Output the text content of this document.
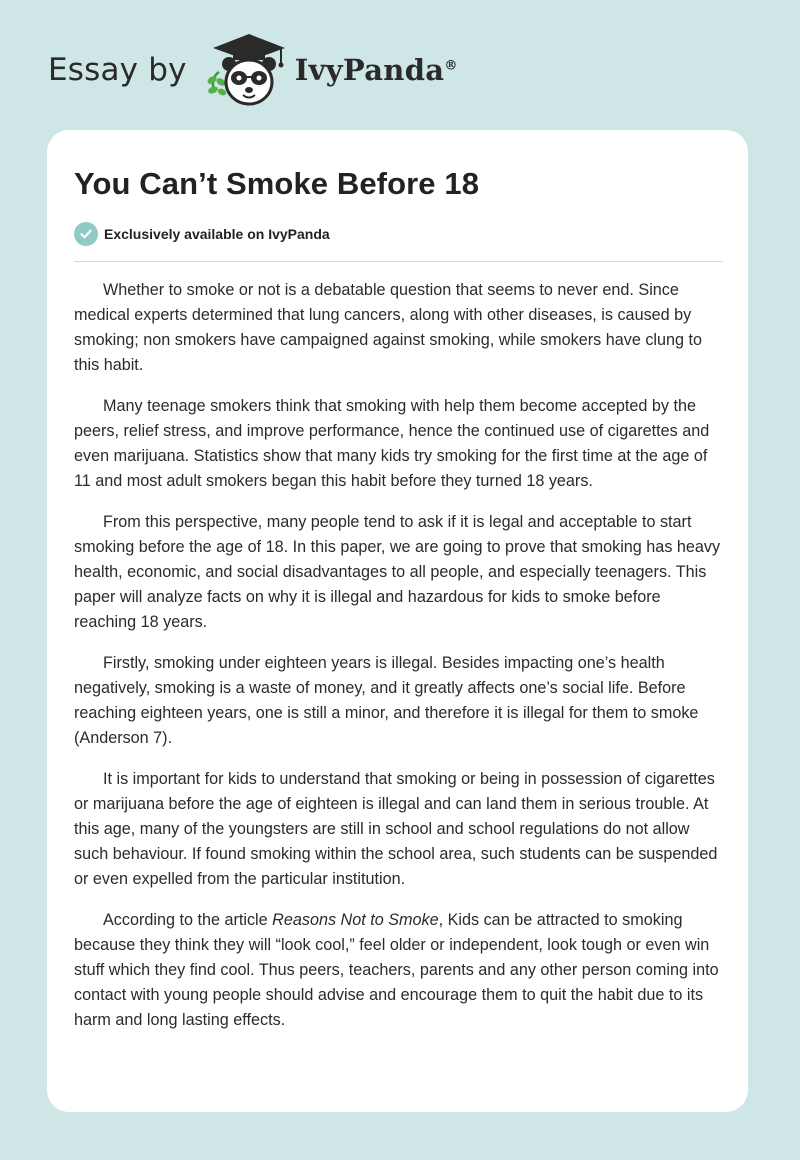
Essay by	IvyPanda®
You Can’t Smoke Before 18
Exclusively available on IvyPanda

Whether to smoke or not is a debatable question that seems to never end. Since medical experts determined that lung cancers, along with other diseases, is caused by smoking; non smokers have campaigned against smoking, while smokers have clung to this habit.

Many teenage smokers think that smoking with help them become accepted by the peers, relief stress, and improve performance, hence the continued use of cigarettes and even marijuana. Statistics show that many kids try smoking for the first time at the age of 11 and most adult smokers began this habit before they turned 18 years.

From this perspective, many people tend to ask if it is legal and acceptable to start smoking before the age of 18. In this paper, we are going to prove that smoking has heavy health, economic, and social disadvantages to all people, and especially teenagers. This paper will analyze facts on why it is illegal and hazardous for kids to smoke before reaching 18 years.

Firstly, smoking under eighteen years is illegal. Besides impacting one’s health negatively, smoking is a waste of money, and it greatly affects one’s social life. Before reaching eighteen years, one is still a minor, and therefore it is illegal for them to smoke (Anderson 7).

It is important for kids to understand that smoking or being in possession of cigarettes or marijuana before the age of eighteen is illegal and can land them in serious trouble. At this age, many of the youngsters are still in school and school regulations do not allow such behaviour. If found smoking within the school area, such students can be suspended or even expelled from the particular institution.

According to the article Reasons Not to Smoke, Kids can be attracted to smoking because they think they will “look cool,” feel older or independent, look tough or even win stuff which they find cool. Thus peers, teachers, parents and any other person coming into contact with young people should advise and encourage them to quit the habit due to its harm and long lasting effects.
